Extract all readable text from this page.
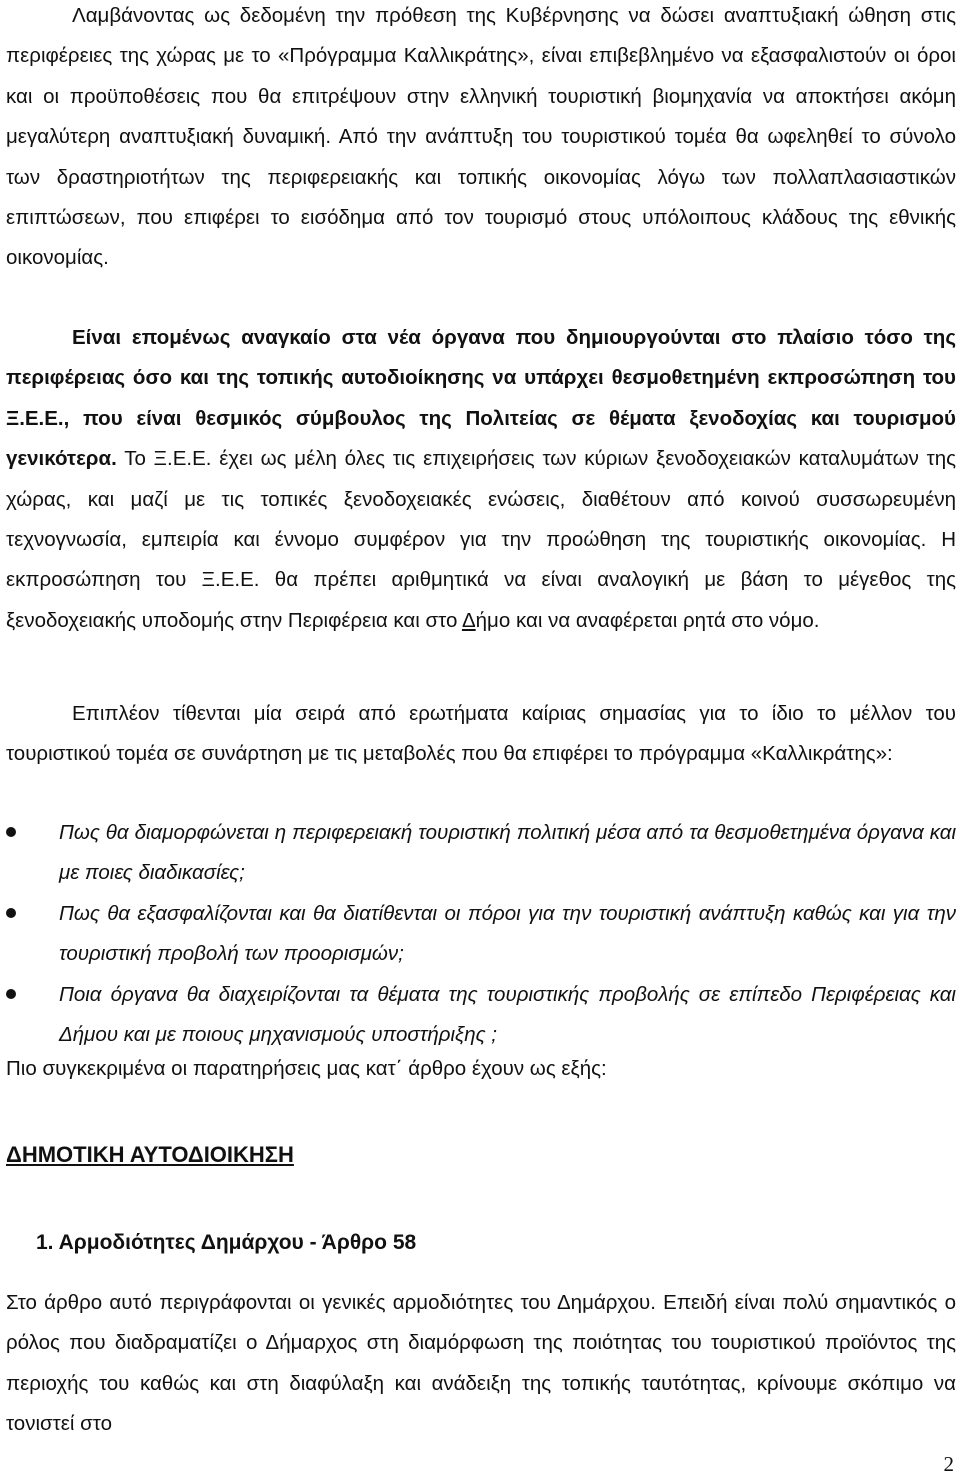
Λαμβάνοντας ως δεδομένη την πρόθεση της Κυβέρνησης να δώσει αναπτυξιακή ώθηση στις περιφέρειες της χώρας με το «Πρόγραμμα Καλλικράτης», είναι επιβεβλημένο να εξασφαλιστούν οι όροι και οι προϋποθέσεις που θα επιτρέψουν στην ελληνική τουριστική βιομηχανία να αποκτήσει ακόμη μεγαλύτερη αναπτυξιακή δυναμική. Από την ανάπτυξη του τουριστικού τομέα θα ωφεληθεί το σύνολο των δραστηριοτήτων της περιφερειακής και τοπικής οικονομίας λόγω των πολλαπλασιαστικών επιπτώσεων, που επιφέρει το εισόδημα από τον τουρισμό στους υπόλοιπους κλάδους της εθνικής οικονομίας.

Είναι επομένως αναγκαίο στα νέα όργανα που δημιουργούνται στο πλαίσιο τόσο της περιφέρειας όσο και της τοπικής αυτοδιοίκησης να υπάρχει θεσμοθετημένη εκπροσώπηση του Ξ.Ε.Ε., που είναι θεσμικός σύμβουλος της Πολιτείας σε θέματα ξενοδοχίας και τουρισμού γενικότερα. Το Ξ.Ε.Ε. έχει ως μέλη όλες τις επιχειρήσεις των κύριων ξενοδοχειακών καταλυμάτων της χώρας, και μαζί με τις τοπικές ξενοδοχειακές ενώσεις, διαθέτουν από κοινού συσσωρευμένη τεχνογνωσία, εμπειρία και έννομο συμφέρον για την προώθηση της τουριστικής οικονομίας. Η εκπροσώπηση του Ξ.Ε.Ε. θα πρέπει αριθμητικά να είναι αναλογική με βάση το μέγεθος της ξενοδοχειακής υποδομής στην Περιφέρεια και στο Δήμο και να αναφέρεται ρητά στο νόμο.

Επιπλέον τίθενται μία σειρά από ερωτήματα καίριας σημασίας για το ίδιο το μέλλον του τουριστικού τομέα σε συνάρτηση με τις μεταβολές που θα επιφέρει το πρόγραμμα «Καλλικράτης»:

Πως θα διαμορφώνεται η περιφερειακή τουριστική πολιτική μέσα από τα θεσμοθετημένα όργανα και με ποιες διαδικασίες;
Πως θα εξασφαλίζονται και θα διατίθενται οι πόροι για την τουριστική ανάπτυξη καθώς και για την τουριστική προβολή των προορισμών;
Ποια όργανα θα διαχειρίζονται τα θέματα της τουριστικής προβολής σε επίπεδο Περιφέρειας και Δήμου και με ποιους μηχανισμούς υποστήριξης ;

Πιο συγκεκριμένα οι παρατηρήσεις μας κατ΄ άρθρο έχουν ως εξής:

ΔΗΜΟΤΙΚΗ ΑΥΤΟΔΙΟΙΚΗΣΗ
1. Αρμοδιότητες Δημάρχου - Άρθρο 58

Στο άρθρο αυτό περιγράφονται οι γενικές αρμοδιότητες του Δημάρχου. Επειδή είναι πολύ σημαντικός ο ρόλος που διαδραματίζει ο Δήμαρχος στη διαμόρφωση της ποιότητας του τουριστικού προϊόντος της περιοχής του καθώς και στη διαφύλαξη και ανάδειξη της τοπικής ταυτότητας, κρίνουμε σκόπιμο να τονιστεί στο

2
